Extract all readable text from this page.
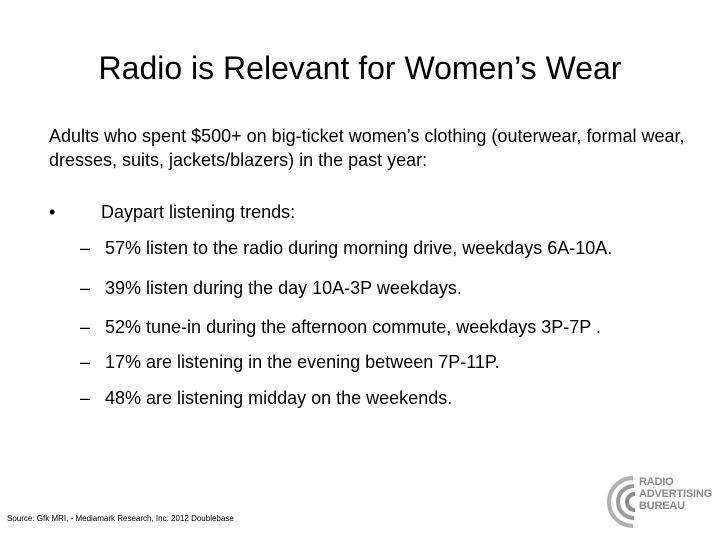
Radio is Relevant for Women’s Wear
Adults who spent $500+ on big-ticket women’s clothing (outerwear, formal wear, dresses, suits, jackets/blazers) in the past year:
•	Daypart listening trends:
– 57% listen to the radio during morning drive, weekdays 6A-10A.
– 39% listen during the day 10A-3P weekdays.
– 52% tune-in during the afternoon commute, weekdays 3P-7P .
– 17% are listening in the evening between 7P-11P.
– 48% are listening midday on the weekends.
Source: Gfk MRI, - Mediamark Research, Inc. 2012 Doublebase
RADIO
ADVERTISING
BUREAU
